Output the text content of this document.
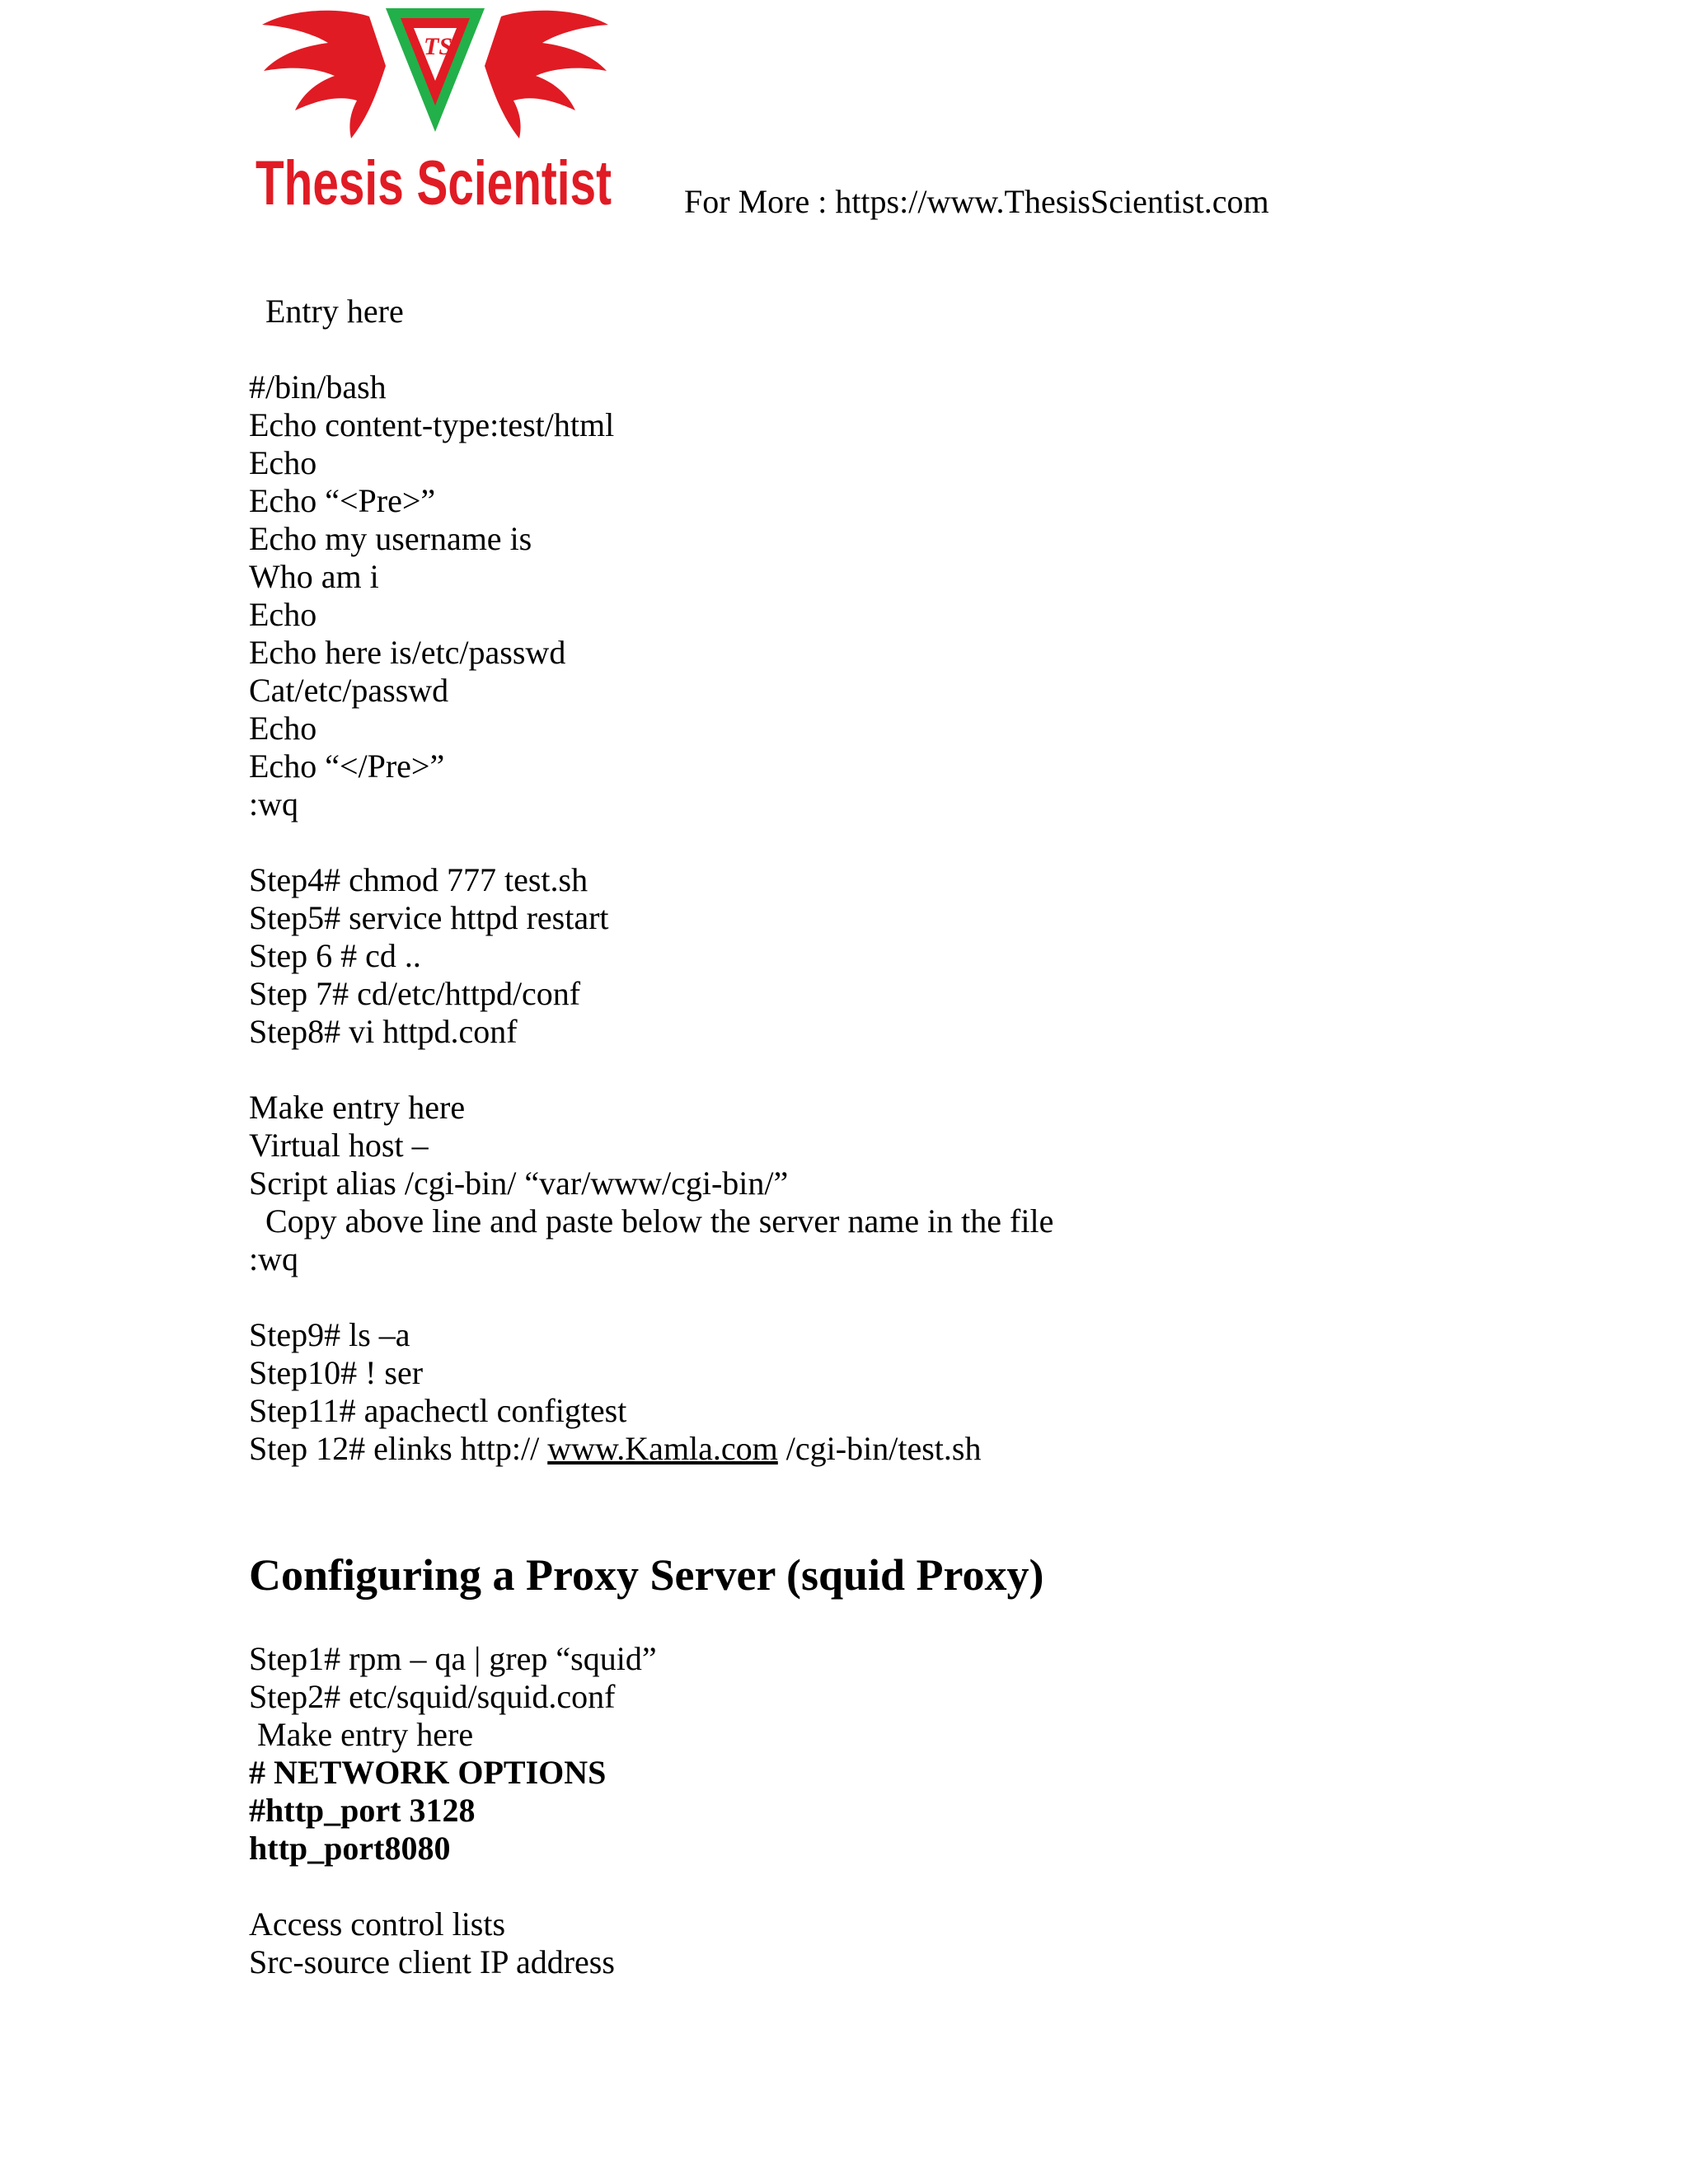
Thesis Scientist
TS
For More : https://www.ThesisScientist.com
Entry here
#/bin/bash
Echo content-type:test/html
Echo
Echo “<Pre>”
Echo my username is
Who am i
Echo
Echo here is/etc/passwd
Cat/etc/passwd
Echo
Echo “</Pre>”
:wq
Step4# chmod 777 test.sh
Step5# service httpd restart
Step 6 # cd ..
Step 7# cd/etc/httpd/conf
Step8# vi httpd.conf
Make entry here
Virtual host –
Script alias /cgi-bin/ “var/www/cgi-bin/”
Copy above line and paste below the server name in the file
:wq
Step9# ls –a
Step10# ! ser
Step11# apachectl configtest
Step 12# elinks http:// www.Kamla.com /cgi-bin/test.sh
Configuring a Proxy Server (squid Proxy)
Step1# rpm – qa | grep “squid”
Step2# etc/squid/squid.conf
Make entry here
# NETWORK OPTIONS
#http_port 3128
http_port8080
Access control lists
Src-source client IP address
